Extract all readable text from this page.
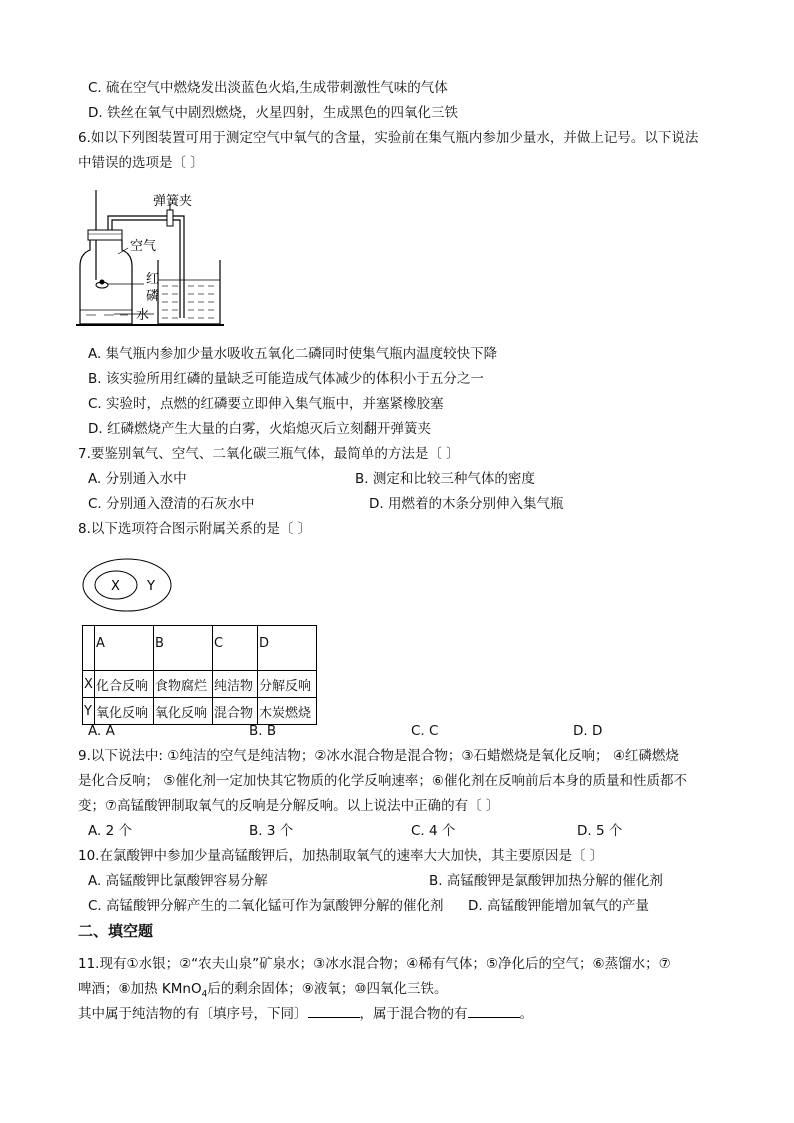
C. 硫在空气中燃烧发出淡蓝色火焰,生成带刺激性气味的气体
D. 铁丝在氧气中剧烈燃烧，火星四射，生成黑色的四氧化三铁
6.如以下列图装置可用于测定空气中氧气的含量，实验前在集气瓶内参加少量水，并做上记号。以下说法
中错误的选项是〔 〕
弹簧夹
空气
红
磷
水
A. 集气瓶内参加少量水吸收五氧化二磷同时使集气瓶内温度较快下降
B. 该实验所用红磷的量缺乏可能造成气体减少的体积小于五分之一
C. 实验时，点燃的红磷要立即伸入集气瓶中，并塞紧橡胶塞
D. 红磷燃烧产生大量的白雾，火焰熄灭后立刻翻开弹簧夹
7.要鉴别氧气、空气、二氧化碳三瓶气体，最简单的方法是〔 〕
A. 分别通入水中	B. 测定和比较三种气体的密度
C. 分别通入澄清的石灰水中	D. 用燃着的木条分别伸入集气瓶
8.以下选项符合图示附属关系的是〔 〕
X Y
	A	B	C	D
X	化合反响	食物腐烂	纯洁物	分解反响
Y	氧化反响	氧化反响	混合物	木炭燃烧
A. A	B. B	C. C	D. D
9.以下说法中: ①纯洁的空气是纯洁物；②冰水混合物是混合物；③石蜡燃烧是氧化反响； ④红磷燃烧
是化合反响； ⑤催化剂一定加快其它物质的化学反响速率；⑥催化剂在反响前后本身的质量和性质都不
变；⑦高锰酸钾制取氧气的反响是分解反响。以上说法中正确的有〔 〕
A. 2 个	B. 3 个	C. 4 个	D. 5 个
10.在氯酸钾中参加少量高锰酸钾后，加热制取氧气的速率大大加快，其主要原因是〔 〕
A. 高锰酸钾比氯酸钾容易分解	B. 高锰酸钾是氯酸钾加热分解的催化剂
C. 高锰酸钾分解产生的二氧化锰可作为氯酸钾分解的催化剂 D. 高锰酸钾能增加氧气的产量
二、填空题
11.现有①水银；②“农夫山泉”矿泉水；③冰水混合物；④稀有气体；⑤净化后的空气；⑥蒸馏水；⑦
啤酒；⑧加热 KMnO$_4$后的剩余固体；⑨液氧；⑩四氧化三铁。
其中属于纯洁物的有〔填序号，下同〕	，属于混合物的有	。
